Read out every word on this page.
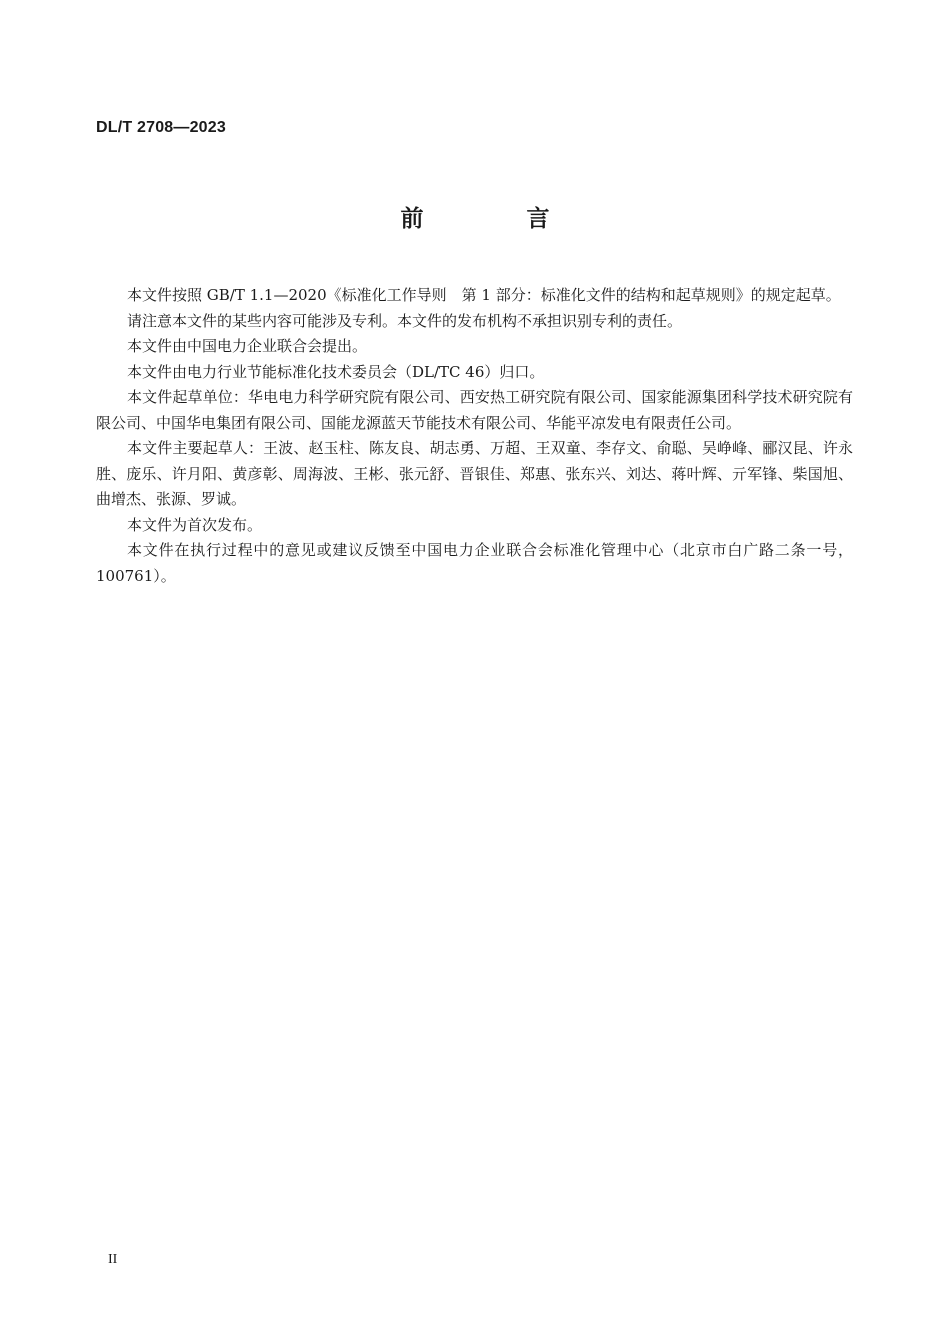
DL/T 2708—2023
前　言

本文件按照 GB/T 1.1—2020《标准化工作导则　第 1 部分：标准化文件的结构和起草规则》的规定起草。

请注意本文件的某些内容可能涉及专利。本文件的发布机构不承担识别专利的责任。

本文件由中国电力企业联合会提出。

本文件由电力行业节能标准化技术委员会（DL/TC 46）归口。

本文件起草单位：华电电力科学研究院有限公司、西安热工研究院有限公司、国家能源集团科学技术研究院有限公司、中国华电集团有限公司、国能龙源蓝天节能技术有限公司、华能平凉发电有限责任公司。

本文件主要起草人：王波、赵玉柱、陈友良、胡志勇、万超、王双童、李存文、俞聪、吴峥峰、郦汉昆、许永胜、庞乐、许月阳、黄彦彰、周海波、王彬、张元舒、晋银佳、郑惠、张东兴、刘达、蒋叶辉、亓军锋、柴国旭、曲增杰、张源、罗诚。

本文件为首次发布。

本文件在执行过程中的意见或建议反馈至中国电力企业联合会标准化管理中心（北京市白广路二条一号，100761）。

II
